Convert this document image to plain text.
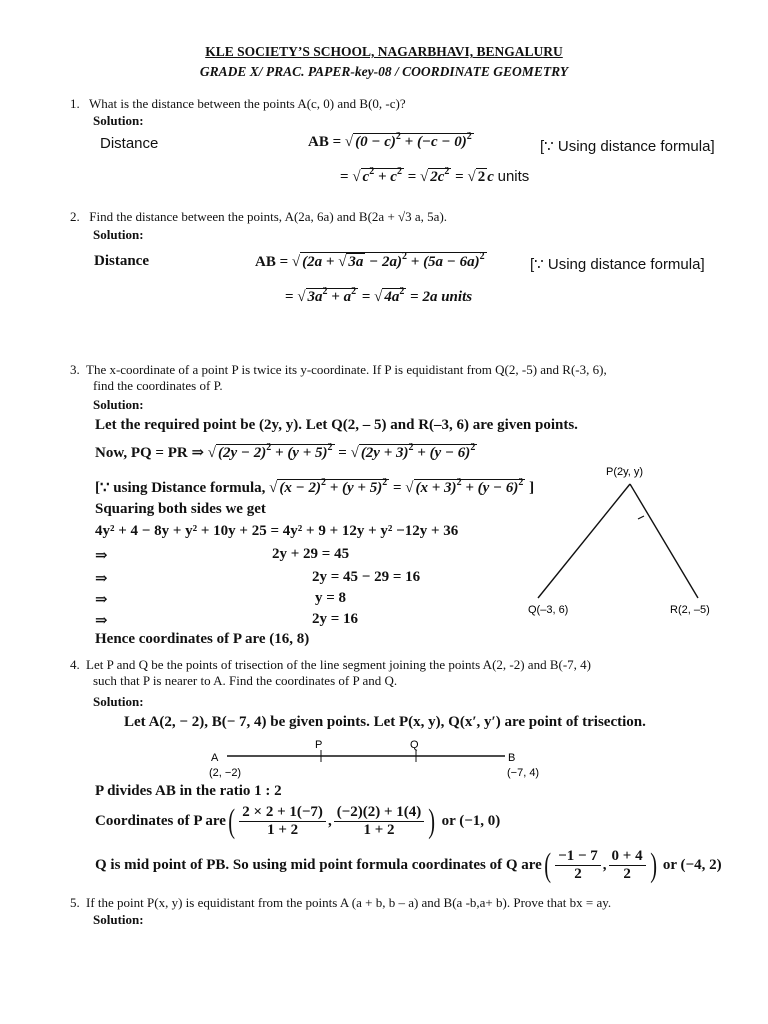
KLE SOCIETY’S SCHOOL, NAGARBHAVI, BENGALURU
GRADE X/ PRAC. PAPER-key-08 / COORDINATE GEOMETRY
1. What is the distance between the points A(c, 0) and B(0, -c)?
Solution:
Distance	AB = √ $(0 - c)^2 + (-c - 0)^2$
[∵ Using distance formula]
= √ $c^2 + c^2$ = √ $2c^2$ = √ 2 c units
2. Find the distance between the points, A(2a, 6a) and B(2a + √3 a, 5a).
Solution:
Distance	AB = √ (2a + √ $3a - 2a)^2 + (5a - 6a)^2$	[∵ Using distance formula]
= √ $3a^2 + a^2$ = √ $4a^2 = 2a$ units
3. The x-coordinate of a point P is twice its y-coordinate. If P is equidistant from Q(2, -5) and R(-3, 6),
find the coordinates of P.
Solution:
Let the required point be (2y, y). Let Q(2, – 5) and R(–3, 6) are given points.
Now, PQ = PR ⇒ √ $(2y - 2)^2 + (y + 5)^2$ = √ $(2y + 3)^2 + (y - 6)^2$
[∵ using Distance formula, √ $(x - 2)^2 + (y + 5)^2$ = √ $(x + 3)^2 + (y - 6)^2$ ]
Squaring both sides we get
4y² + 4 − 8y + y² + 10y + 25 = 4y² + 9 + 12y + y² −12y + 36
⇒	2y + 29 = 45
⇒	2y = 45 − 29 = 16
⇒	y = 8
⇒	2y = 16
Hence coordinates of P are (16, 8)
P(2y, y)
Q(–3, 6)	R(2, –5)
4. Let P and Q be the points of trisection of the line segment joining the points A(2, -2) and B(-7, 4)
such that P is nearer to A. Find the coordinates of P and Q.
Solution:
Let A(2, − 2), B(− 7, 4) be given points. Let P(x, y), Q(x′, y′) are point of trisection.
A
P	Q
B
(2, −2)	(−7, 4)
P divides AB in the ratio 1 : 2
Coordinates of P are ( $\frac{2 \times 2 + 1(-7)}{1 + 2}$ , $\frac{(-2)(2) + 1(4)}{1 + 2}$ ) or (−1, 0)
Q is mid point of PB. So using mid point formula coordinates of Q are ( $\frac{-1 - 7}{2}$ , $\frac{0 + 4}{2}$ ) or (−4, 2)
5. If the point P(x, y) is equidistant from the points A (a + b, b – a) and B(a -b,a+ b). Prove that bx = ay.
Solution:
